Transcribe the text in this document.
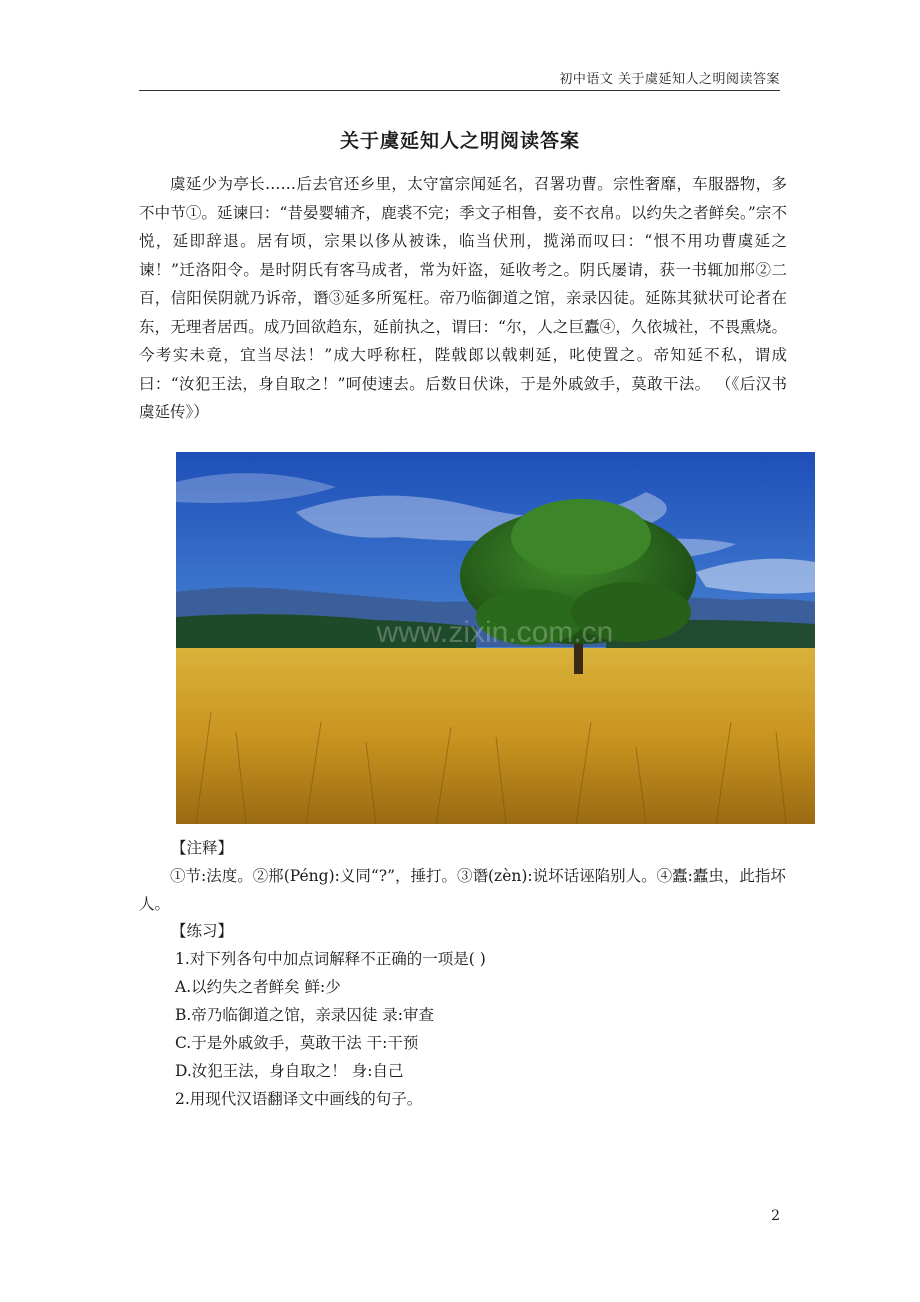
初中语文 关于虞延知人之明阅读答案
关于虞延知人之明阅读答案

虞延少为亭长……后去官还乡里，太守富宗闻延名，召署功曹。宗性奢靡，车服器物，多不中节①。延谏曰：“昔晏婴辅齐，鹿裘不完；季文子相鲁，妾不衣帛。以约失之者鲜矣。”宗不悦，延即辞退。居有顷，宗果以侈从被诛，临当伏刑，揽涕而叹曰：“恨不用功曹虞延之谏！”迁洛阳令。是时阴氏有客马成者，常为奸盗，延收考之。阴氏屡请，获一书辄加郱②二百，信阳侯阴就乃诉帝，谮③延多所冤枉。帝乃临御道之馆，亲录囚徒。延陈其狱状可论者在东，无理者居西。成乃回欲趋东，延前执之，谓曰：“尔，人之巨蠹④，久依城社，不畏熏烧。今考实未竟，宜当尽法！”成大呼称枉，陛戟郎以戟剌延，叱使置之。帝知延不私，谓成曰：“汝犯王法，身自取之！”呵使速去。后数日伏诛，于是外戚敛手，莫敢干法。 （《后汉书虞延传》）

www.zixin.com.cn
【注释】
①节:法度。②郱(Péng):义同“?”，捶打。③谮(zèn):说坏话诬陷别人。④蠹:蠹虫，此指坏人。
【练习】
1.对下列各句中加点词解释不正确的一项是( )
A.以约失之者鲜矣 鲜:少
B.帝乃临御道之馆，亲录囚徒 录:审查
C.于是外戚敛手，莫敢干法 干:干预
D.汝犯王法，身自取之！ 身:自己
2.用现代汉语翻译文中画线的句子。
2
